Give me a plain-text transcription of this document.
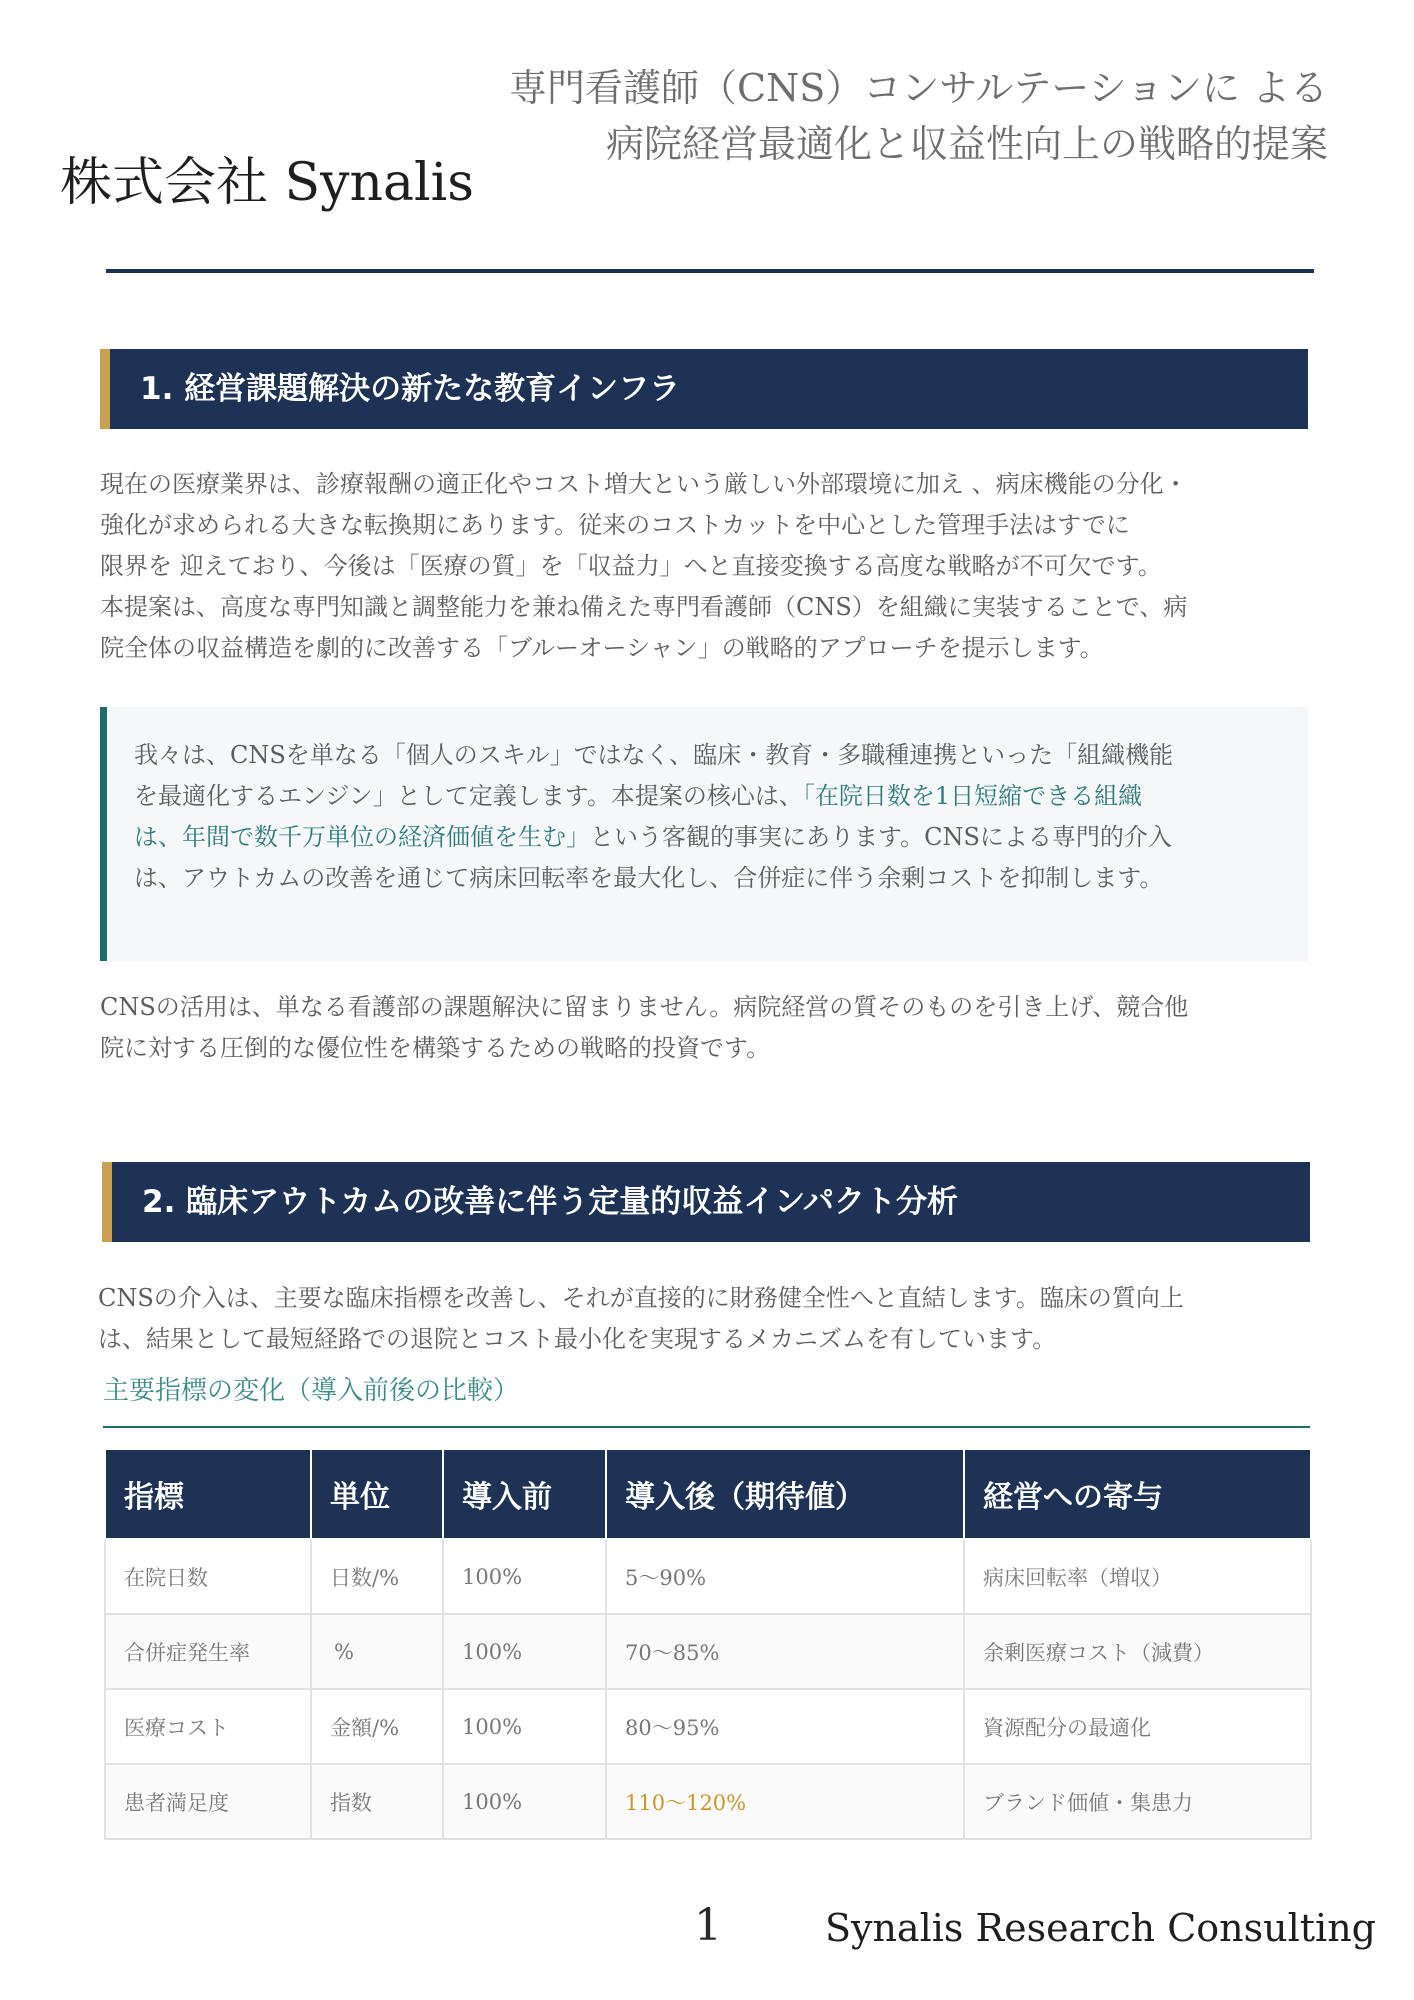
株式会社 Synalis
専門看護師（CNS）コンサルテーションに よる
病院経営最適化と収益性向上の戦略的提案
1. 経営課題解決の新たな教育インフラ
現在の医療業界は、診療報酬の適正化やコスト増大という厳しい外部環境に加え 、病床機能の分化・
強化が求められる大きな転換期にあります。従来のコストカットを中心とした管理手法はすでに
限界を 迎えており、今後は「医療の質」を「収益力」へと直接変換する高度な戦略が不可欠です。
本提案は、高度な専門知識と調整能力を兼ね備えた専門看護師（CNS）を組織に実装することで、病
院全体の収益構造を劇的に改善する「ブルーオーシャン」の戦略的アプローチを提示します。
我々は、CNSを単なる「個人のスキル」ではなく、臨床・教育・多職種連携といった「組織機能
を最適化するエンジン」として定義します。本提案の核心は、「在院日数を1日短縮できる組織
は、年間で数千万単位の経済価値を生む」という客観的事実にあります。CNSによる専門的介入
は、アウトカムの改善を通じて病床回転率を最大化し、合併症に伴う余剰コストを抑制します。
CNSの活用は、単なる看護部の課題解決に留まりません。病院経営の質そのものを引き上げ、競合他
院に対する圧倒的な優位性を構築するための戦略的投資です。
2. 臨床アウトカムの改善に伴う定量的収益インパクト分析
CNSの介入は、主要な臨床指標を改善し、それが直接的に財務健全性へと直結します。臨床の質向上
は、結果として最短経路での退院とコスト最小化を実現するメカニズムを有しています。
主要指標の変化（導入前後の比較）
指標	単位	導入前	導入後（期待値）	経営への寄与
在院日数	日数/%	100%	5〜90%	病床回転率（増収）
合併症発生率	%	100%	70〜85%	余剰医療コスト（減費）
医療コスト	金額/%	100%	80〜95%	資源配分の最適化
患者満足度	指数	100%	110〜120%	ブランド価値・集患力
1	Synalis Research Consulting
